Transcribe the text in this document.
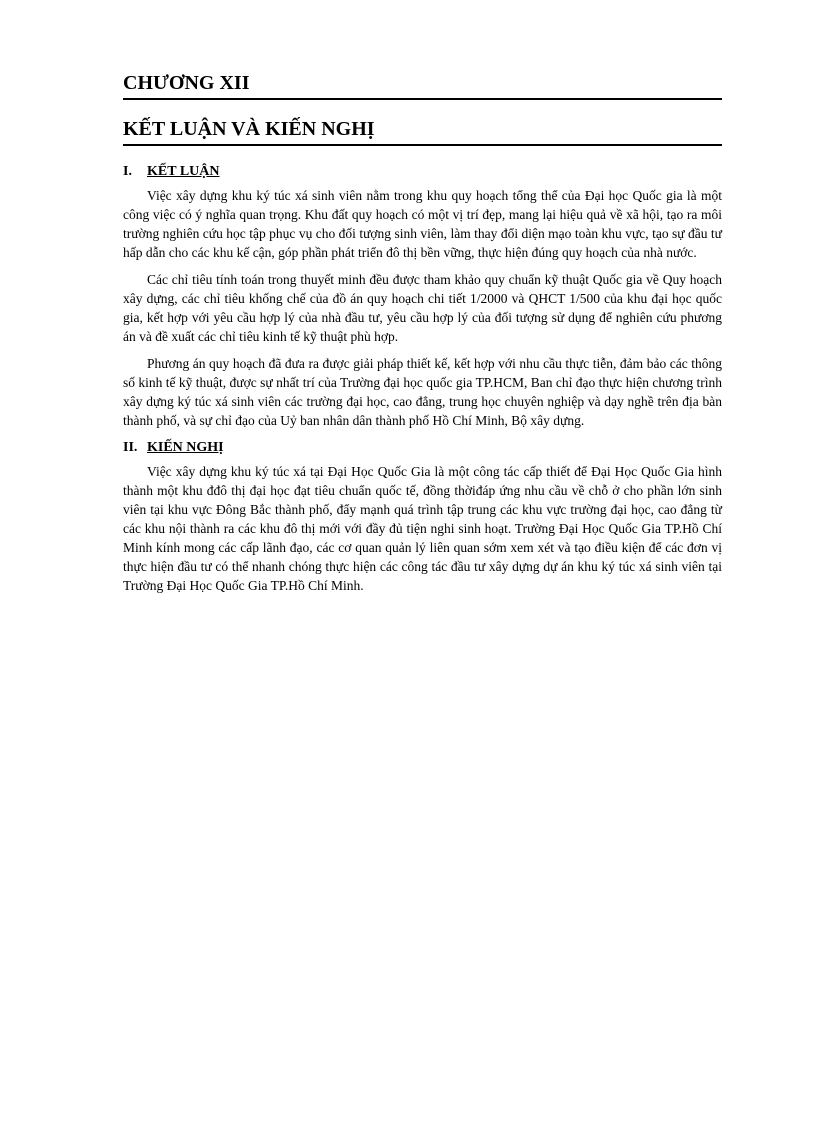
CHƯƠNG XII
KẾT LUẬN VÀ KIẾN NGHỊ
I. KẾT LUẬN

Việc xây dựng khu ký túc xá sinh viên nằm trong khu quy hoạch tổng thể của Đại học Quốc gia là một công việc có ý nghĩa quan trọng. Khu đất quy hoạch có một vị trí đẹp, mang lại hiệu quả về xã hội, tạo ra môi trường nghiên cứu học tập phục vụ cho đối tượng sinh viên, làm thay đổi diện mạo toàn khu vực, tạo sự đầu tư hấp dẫn cho các khu kế cận, góp phần phát triển đô thị bền vững, thực hiện đúng quy hoạch của nhà nước.

Các chỉ tiêu tính toán trong thuyết minh đều được tham khảo quy chuẩn kỹ thuật Quốc gia về Quy hoạch xây dựng, các chỉ tiêu khống chế của đồ án quy hoạch chi tiết 1/2000 và QHCT 1/500 của khu đại học quốc gia, kết hợp với yêu cầu hợp lý của nhà đầu tư, yêu cầu hợp lý của đối tượng sử dụng để nghiên cứu phương án và đề xuất các chỉ tiêu kinh tế kỹ thuật phù hợp.

Phương án quy hoạch đã đưa ra được giải pháp thiết kế, kết hợp với nhu cầu thực tiễn, đảm bảo các thông số kinh tế kỹ thuật, được sự nhất trí của Trường đại học quốc gia TP.HCM, Ban chỉ đạo thực hiện chương trình xây dựng ký túc xá sinh viên các trường đại học, cao đẳng, trung học chuyên nghiệp và dạy nghề trên địa bàn thành phố, và sự chỉ đạo của Uỷ ban nhân dân thành phố Hồ Chí Minh, Bộ xây dựng.

II. KIẾN NGHỊ

Việc xây dựng khu ký túc xá tại Đại Học Quốc Gia là một công tác cấp thiết để Đại Học Quốc Gia hình thành một khu đđô thị đại học đạt tiêu chuẩn quốc tế, đồng thờiđáp ứng nhu cầu về chỗ ở cho phần lớn sinh viên tại khu vực Đông Bắc thành phố, đẩy mạnh quá trình tập trung các khu vực trường đại học, cao đẳng từ các khu nội thành ra các khu đô thị mới với đầy đủ tiện nghi sinh hoạt. Trường Đại Học Quốc Gia TP.Hồ Chí Minh kính mong các cấp lãnh đạo, các cơ quan quản lý liên quan sớm xem xét và tạo điều kiện để các đơn vị thực hiện đầu tư có thể nhanh chóng thực hiện các công tác đầu tư xây dựng dự án khu ký túc xá sinh viên tại Trường Đại Học Quốc Gia TP.Hồ Chí Minh.
